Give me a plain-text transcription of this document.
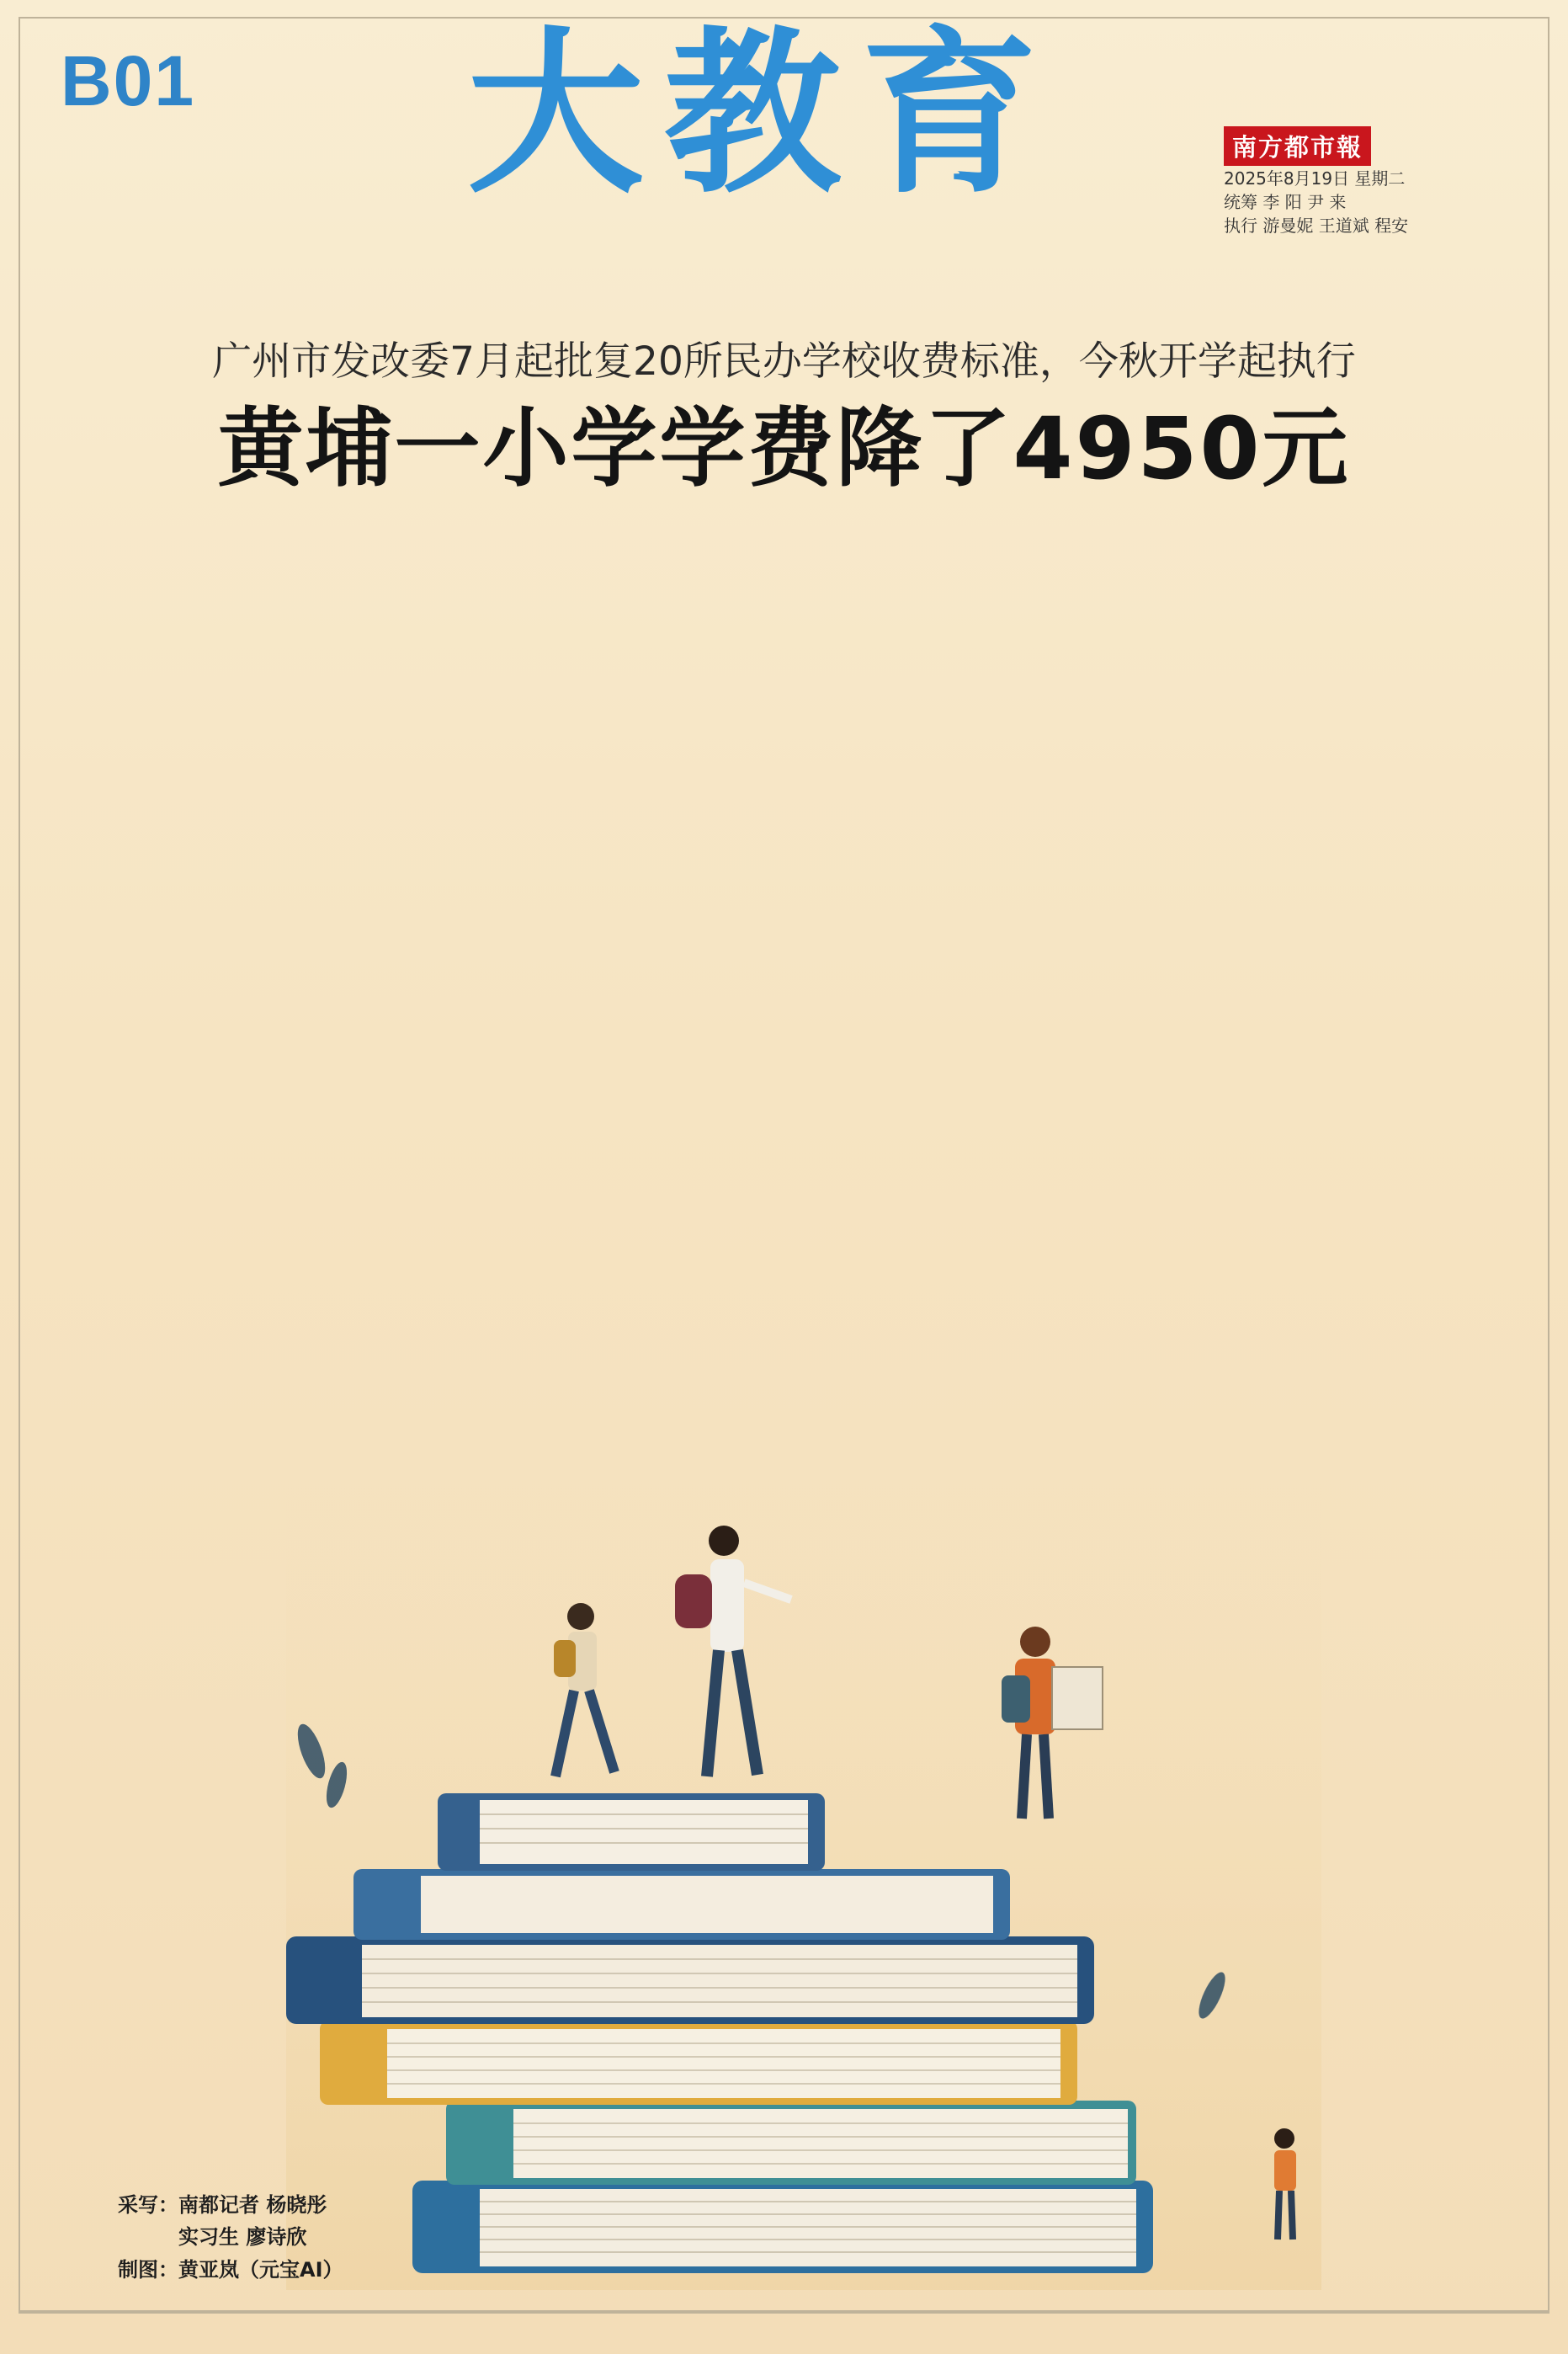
B01 大教育	南方都市報
2025年8月19日 星期二
统筹 李 阳 尹 来
执行 游曼妮 王道斌 程安
广州市发改委7月起批复20所民办学校收费标准，今秋开学起执行
黄埔一小学学费降了4950元
采写：南都记者 杨晓彤
　　　实习生 廖诗欣
制图：黄亚岚（元宝AI）
